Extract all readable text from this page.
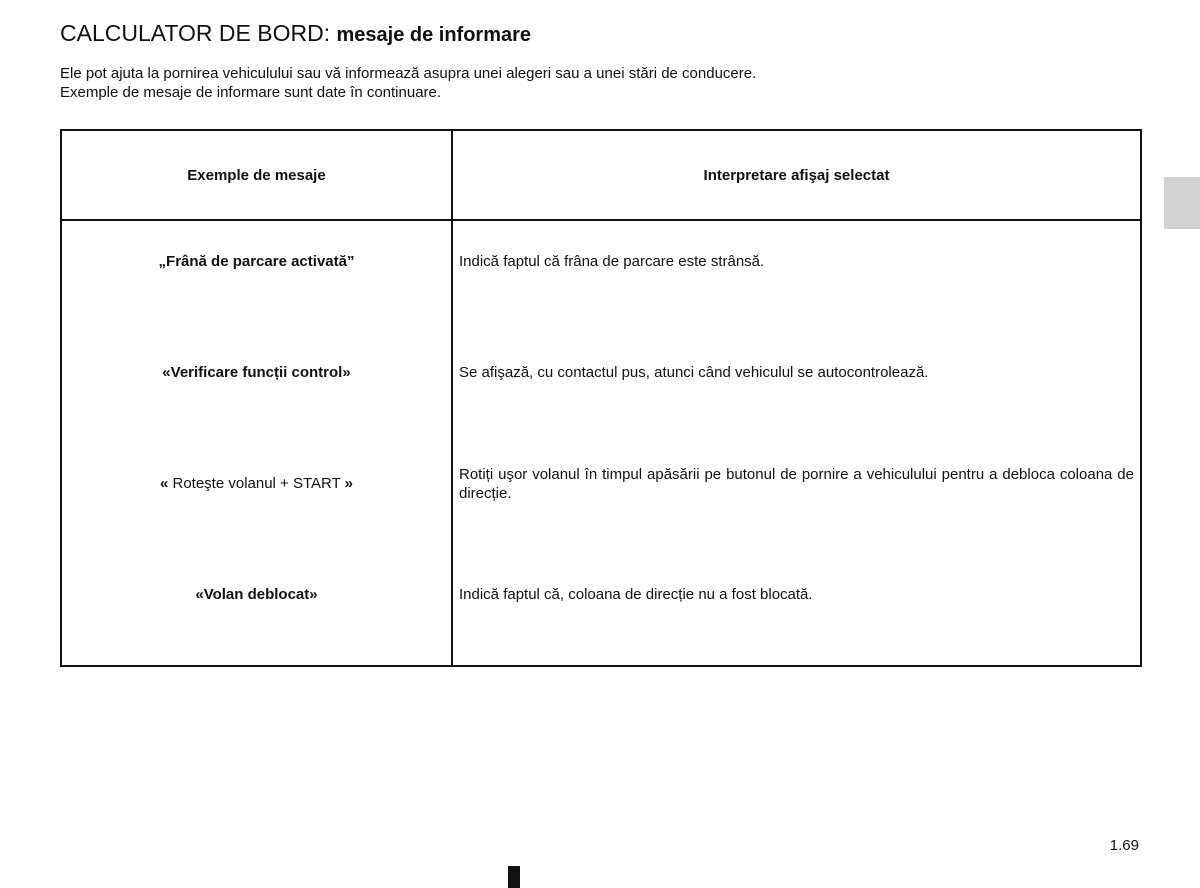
CALCULATOR DE BORD: mesaje de informare

Ele pot ajuta la pornirea vehiculului sau vă informează asupra unei alegeri sau a unei stări de conducere.

Exemple de mesaje de informare sunt date în continuare.

Exemple de mesaje	Interpretare afişaj selectat
„Frână de parcare activată”	Indică faptul că frâna de parcare este strânsă.
«Verificare funcții control»	Se afişază, cu contactul pus, atunci când vehiculul se autocontrolează.
« Roteşte volanul + START »	Rotiți uşor volanul în timpul apăsării pe butonul de pornire a vehiculului pentru a debloca coloana de direcție.
«Volan deblocat»	Indică faptul că, coloana de direcție nu a fost blocată.
1.69
